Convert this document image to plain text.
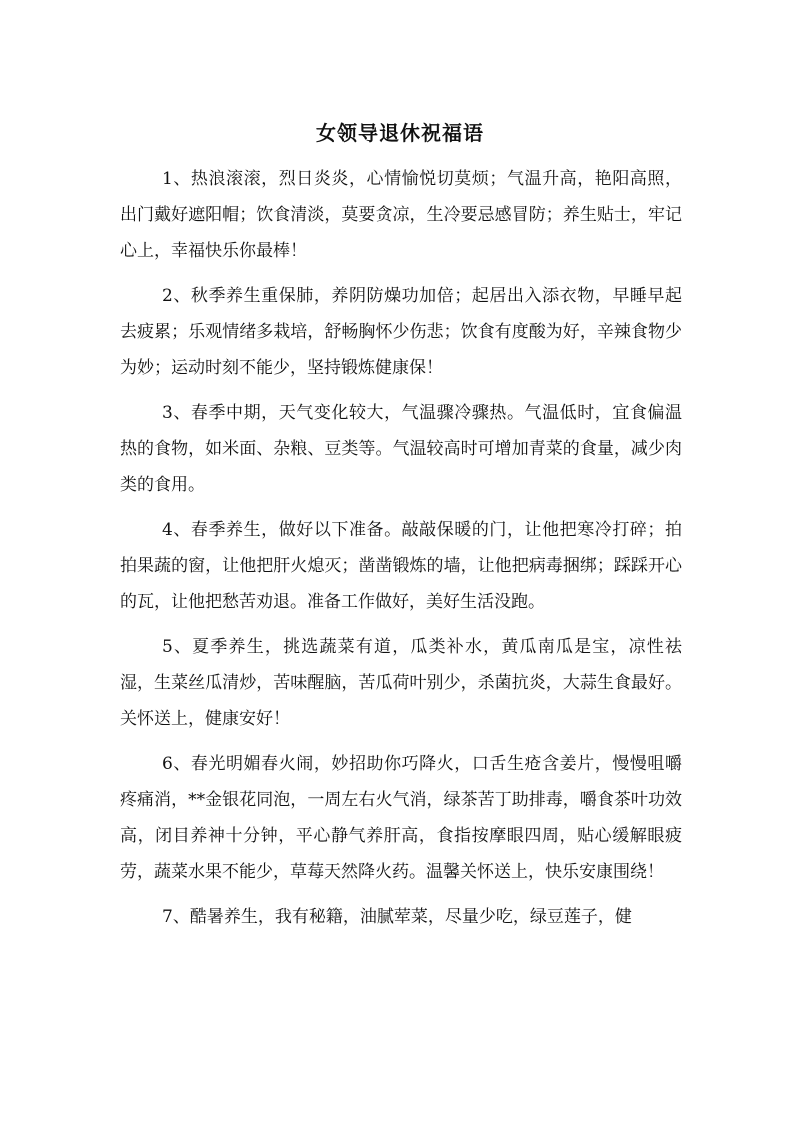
女领导退休祝福语

1、热浪滚滚，烈日炎炎，心情愉悦切莫烦；气温升高，艳阳高照，出门戴好遮阳帽；饮食清淡，莫要贪凉，生冷要忌感冒防；养生贴士，牢记心上，幸福快乐你最棒！

2、秋季养生重保肺，养阴防燥功加倍；起居出入添衣物，早睡早起去疲累；乐观情绪多栽培，舒畅胸怀少伤悲；饮食有度酸为好，辛辣食物少为妙；运动时刻不能少，坚持锻炼健康保！

3、春季中期，天气变化较大，气温骤冷骤热。气温低时，宜食偏温热的食物，如米面、杂粮、豆类等。气温较高时可增加青菜的食量，减少肉类的食用。

4、春季养生，做好以下准备。敲敲保暖的门，让他把寒冷打碎；拍拍果蔬的窗，让他把肝火熄灭；凿凿锻炼的墙，让他把病毒捆绑；踩踩开心的瓦，让他把愁苦劝退。准备工作做好，美好生活没跑。

5、夏季养生，挑选蔬菜有道，瓜类补水，黄瓜南瓜是宝，凉性祛湿，生菜丝瓜清炒，苦味醒脑，苦瓜荷叶别少，杀菌抗炎，大蒜生食最好。关怀送上，健康安好！

6、春光明媚春火闹，妙招助你巧降火，口舌生疮含姜片，慢慢咀嚼疼痛消，**金银花同泡，一周左右火气消，绿茶苦丁助排毒，嚼食茶叶功效高，闭目养神十分钟，平心静气养肝高，食指按摩眼四周，贴心缓解眼疲劳，蔬菜水果不能少，草莓天然降火药。温馨关怀送上，快乐安康围绕！

7、酷暑养生，我有秘籍，油腻荤菜，尽量少吃，绿豆莲子，健
